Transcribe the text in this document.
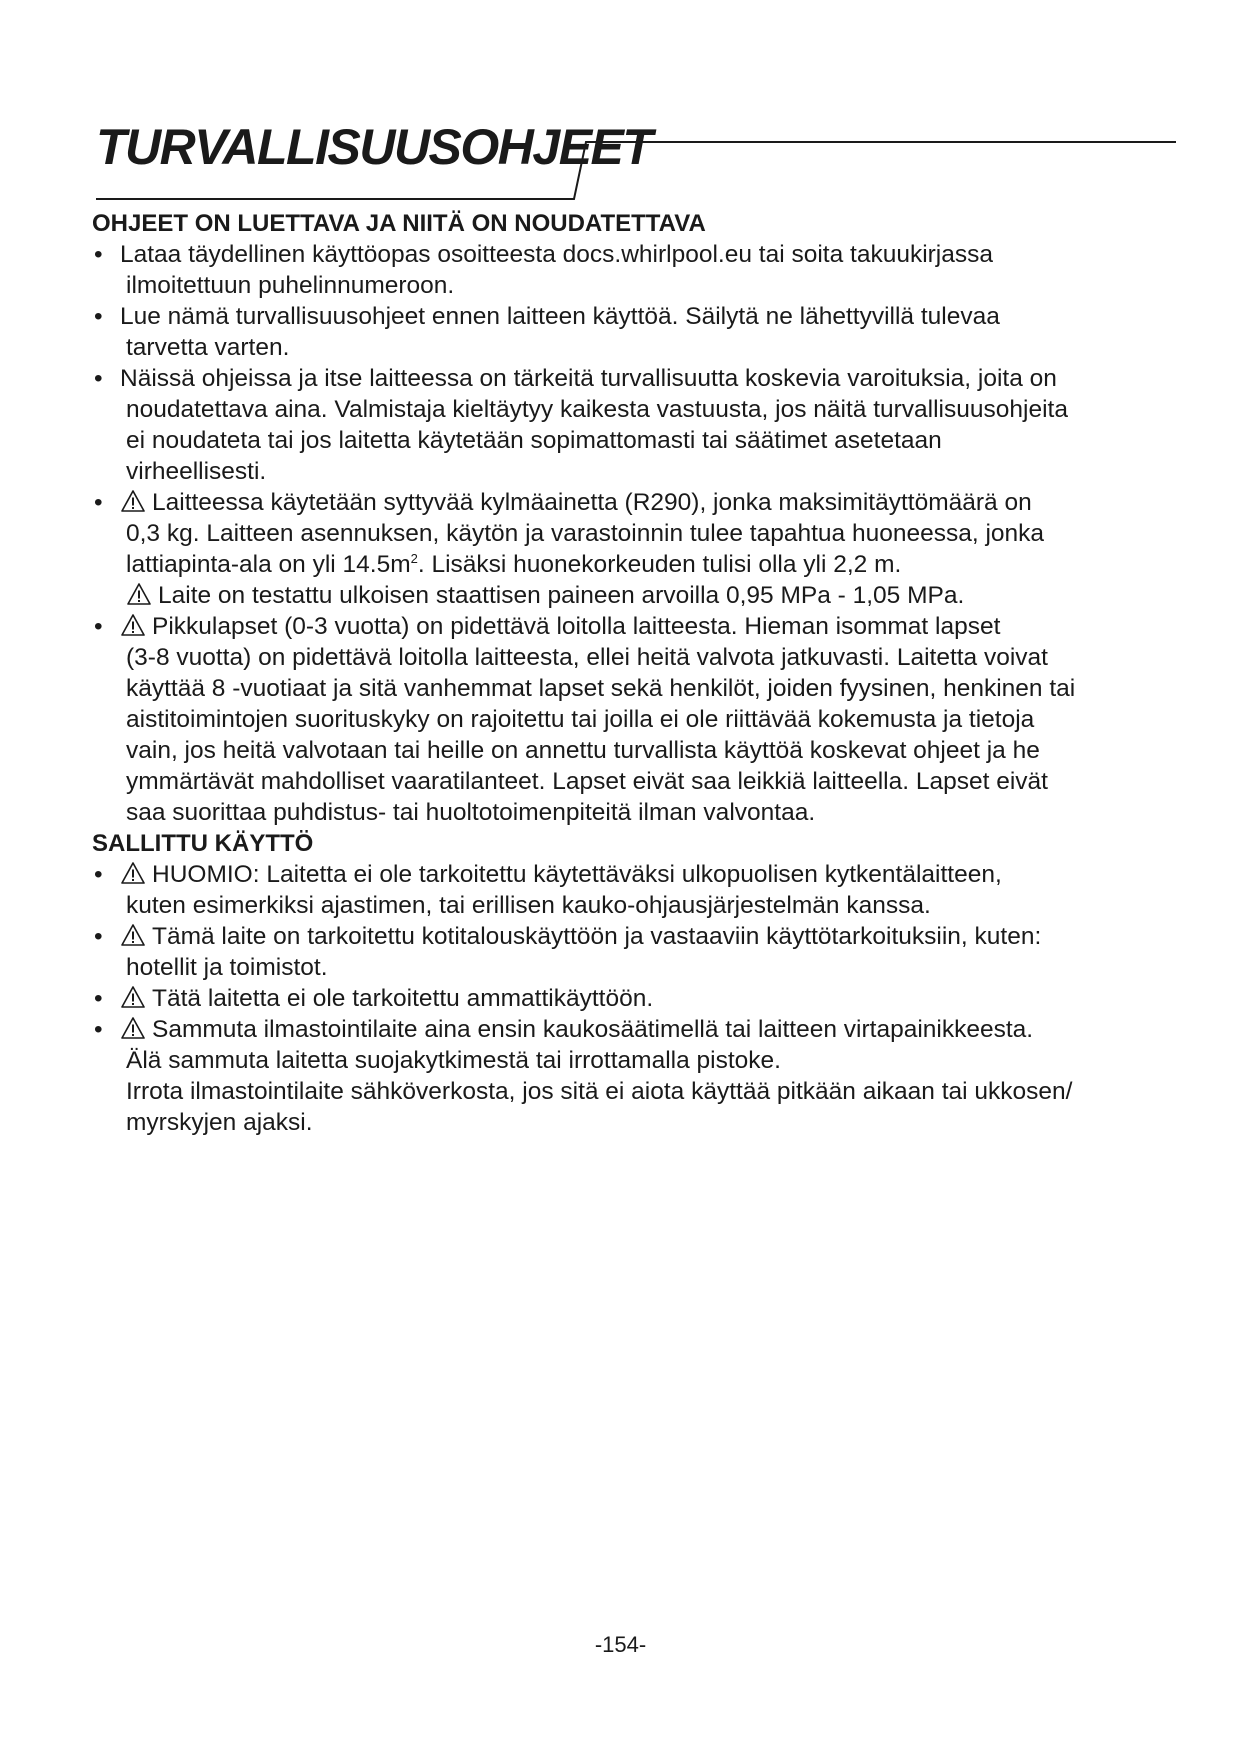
TURVALLISUUSOHJEET

OHJEET ON LUETTAVA JA NIITÄ ON NOUDATETTAVA

• Lataa täydellinen käyttöopas osoitteesta docs.whirlpool.eu tai soita takuukirjassa
ilmoitettuun puhelinnumeroon.
• Lue nämä turvallisuusohjeet ennen laitteen käyttöä. Säilytä ne lähettyvillä tulevaa
tarvetta varten.
• Näissä ohjeissa ja itse laitteessa on tärkeitä turvallisuutta koskevia varoituksia, joita on
noudatettava aina. Valmistaja kieltäytyy kaikesta vastuusta, jos näitä turvallisuusohjeita
ei noudateta tai jos laitetta käytetään sopimattomasti tai säätimet asetetaan
virheellisesti.
•	Laitteessa käytetään syttyvää kylmäainetta (R290), jonka maksimitäyttömäärä on
0,3 kg. Laitteen asennuksen, käytön ja varastoinnin tulee tapahtua huoneessa, jonka
lattiapinta-ala on yli $14.5m^2$. Lisäksi huonekorkeuden tulisi olla yli 2,2 m.
Laite on testattu ulkoisen staattisen paineen arvoilla 0,95 MPa - 1,05 MPa.
•	Pikkulapset (0-3 vuotta) on pidettävä loitolla laitteesta. Hieman isommat lapset
(3-8 vuotta) on pidettävä loitolla laitteesta, ellei heitä valvota jatkuvasti. Laitetta voivat
käyttää 8 -vuotiaat ja sitä vanhemmat lapset sekä henkilöt, joiden fyysinen, henkinen tai
aistitoimintojen suorituskyky on rajoitettu tai joilla ei ole riittävää kokemusta ja tietoja
vain, jos heitä valvotaan tai heille on annettu turvallista käyttöä koskevat ohjeet ja he
ymmärtävät mahdolliset vaaratilanteet. Lapset eivät saa leikkiä laitteella. Lapset eivät
saa suorittaa puhdistus- tai huoltotoimenpiteitä ilman valvontaa.

SALLITTU KÄYTTÖ

•	HUOMIO: Laitetta ei ole tarkoitettu käytettäväksi ulkopuolisen kytkentälaitteen,
kuten esimerkiksi ajastimen, tai erillisen kauko-ohjausjärjestelmän kanssa.
•	Tämä laite on tarkoitettu kotitalouskäyttöön ja vastaaviin käyttötarkoituksiin, kuten:
hotellit ja toimistot.
•	Tätä laitetta ei ole tarkoitettu ammattikäyttöön.
•	Sammuta ilmastointilaite aina ensin kaukosäätimellä tai laitteen virtapainikkeesta.
Älä sammuta laitetta suojakytkimestä tai irrottamalla pistoke.
Irrota ilmastointilaite sähköverkosta, jos sitä ei aiota käyttää pitkään aikaan tai ukkosen/
myrskyjen ajaksi.
-154-
